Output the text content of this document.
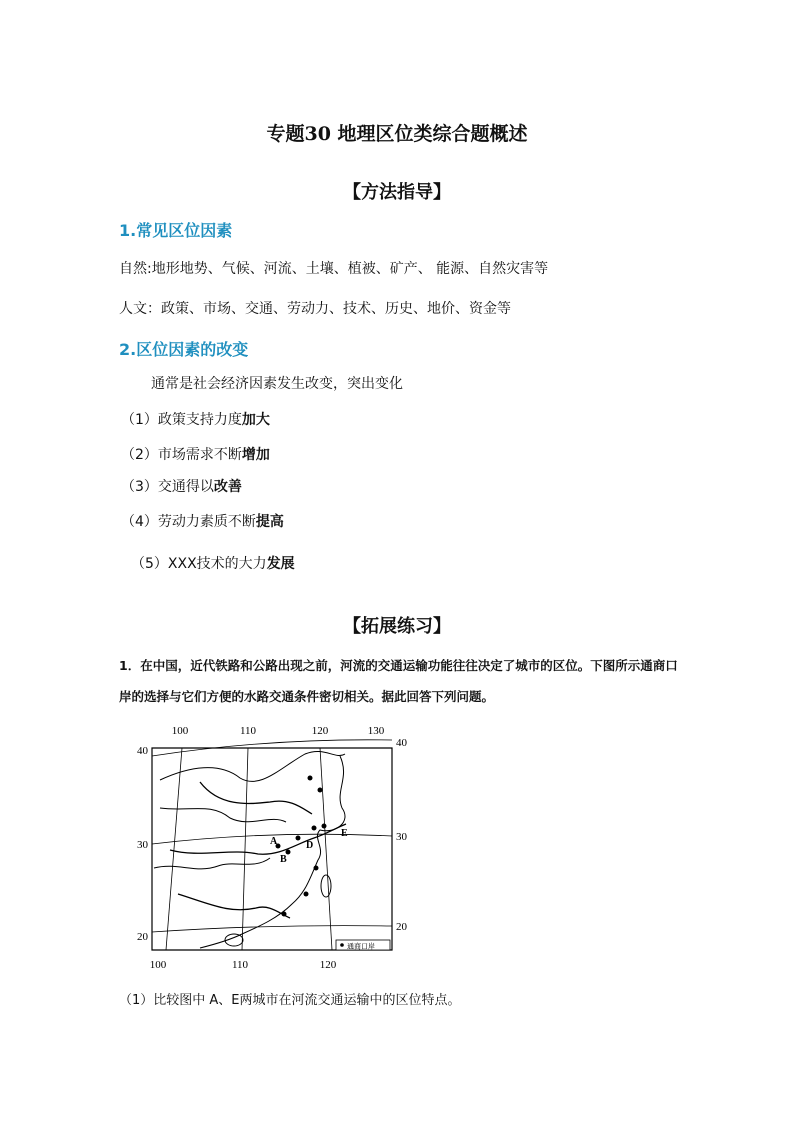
专题30 地理区位类综合题概述
【方法指导】
1.常见区位因素
自然:地形地势、气候、河流、土壤、植被、矿产、 能源、自然灾害等
人文：政策、市场、交通、劳动力、技术、历史、地价、资金等
2.区位因素的改变
通常是社会经济因素发生改变，突出变化
（1）政策支持力度加大
（2）市场需求不断增加
（3）交通得以改善
（4）劳动力素质不断提高
（5）XXX技术的大力发展
【拓展练习】
1．在中国，近代铁路和公路出现之前，河流的交通运输功能往往决定了城市的区位。下图所示通商口岸的选择与它们方便的水路交通条件密切相关。据此回答下列问题。
100	110	120	130
100	110	120
40
30
20
40
30
20
A
B
D
E
通商口岸
（1）比较图中 A、E两城市在河流交通运输中的区位特点。
